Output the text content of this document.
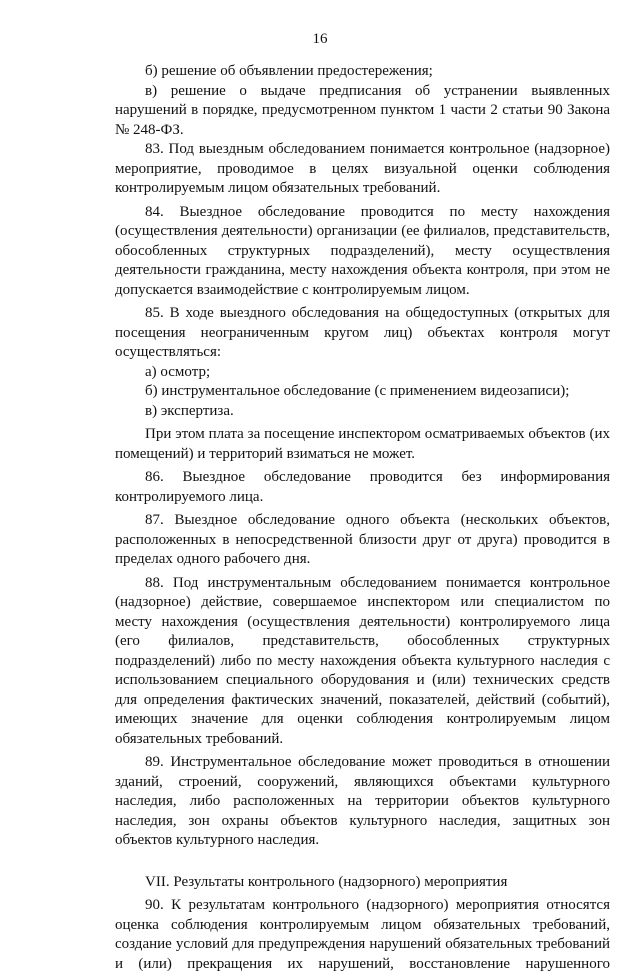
16

б) решение об объявлении предостережения;

в) решение о выдаче предписания об устранении выявленных нарушений в порядке, предусмотренном пунктом 1 части 2 статьи 90 Закона № 248-ФЗ.

83. Под выездным обследованием понимается контрольное (надзорное) мероприятие, проводимое в целях визуальной оценки соблюдения контролируемым лицом обязательных требований.

84. Выездное обследование проводится по месту нахождения (осуществления деятельности) организации (ее филиалов, представительств, обособленных структурных подразделений), месту осуществления деятельности гражданина, месту нахождения объекта контроля, при этом не допускается взаимодействие с контролируемым лицом.

85. В ходе выездного обследования на общедоступных (открытых для посещения неограниченным кругом лиц) объектах контроля могут осуществляться:

а) осмотр;

б) инструментальное обследование (с применением видеозаписи);

в) экспертиза.

При этом плата за посещение инспектором осматриваемых объектов (их помещений) и территорий взиматься не может.

86. Выездное обследование проводится без информирования контролируемого лица.

87. Выездное обследование одного объекта (нескольких объектов, расположенных в непосредственной близости друг от друга) проводится в пределах одного рабочего дня.

88. Под инструментальным обследованием понимается контрольное (надзорное) действие, совершаемое инспектором или специалистом по месту нахождения (осуществления деятельности) контролируемого лица (его филиалов, представительств, обособленных структурных подразделений) либо по месту нахождения объекта культурного наследия с использованием специального оборудования и (или) технических средств для определения фактических значений, показателей, действий (событий), имеющих значение для оценки соблюдения контролируемым лицом обязательных требований.

89. Инструментальное обследование может проводиться в отношении зданий, строений, сооружений, являющихся объектами культурного наследия, либо расположенных на территории объектов культурного наследия, зон охраны объектов культурного наследия, защитных зон объектов культурного наследия.

VII. Результаты контрольного (надзорного) мероприятия

90. К результатам контрольного (надзорного) мероприятия относятся оценка соблюдения контролируемым лицом обязательных требований, создание условий для предупреждения нарушений обязательных требований и (или) прекращения их нарушений, восстановление нарушенного
